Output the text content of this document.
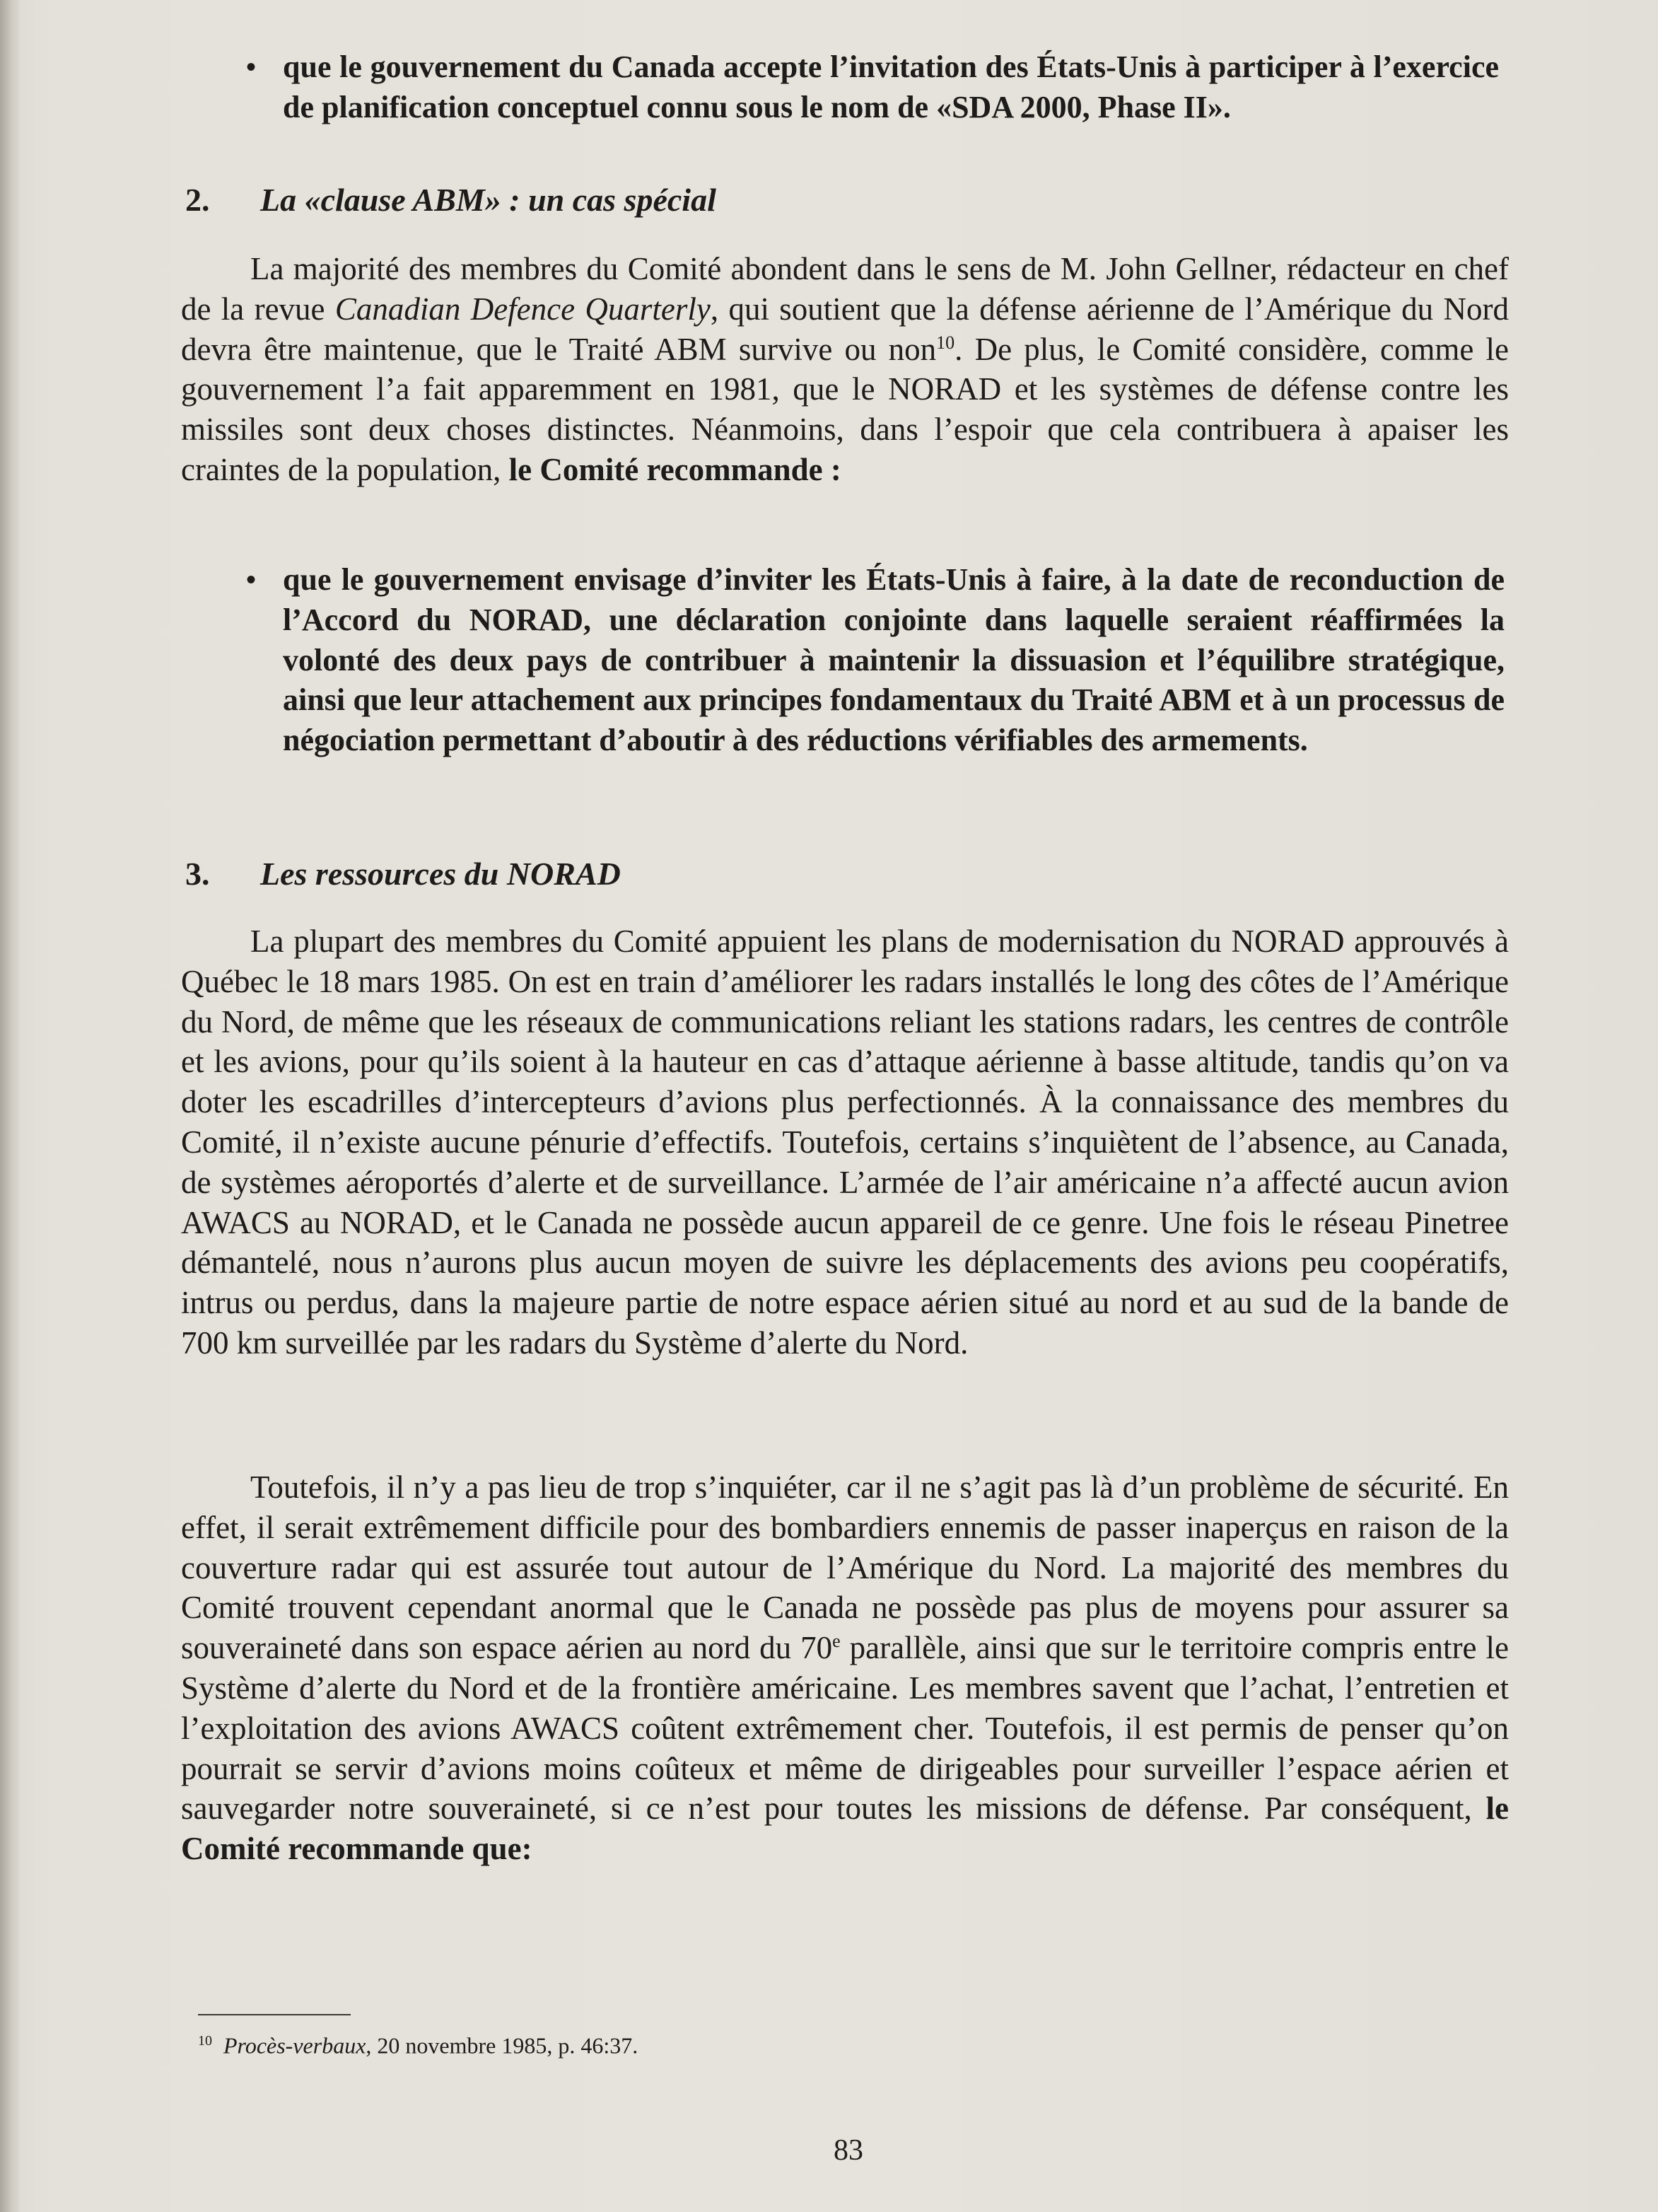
• que le gouvernement du Canada accepte l’invitation des États-Unis à participer à l’exercice de planification conceptuel connu sous le nom de «SDA 2000, Phase II».
2. La «clause ABM» : un cas spécial

La majorité des membres du Comité abondent dans le sens de M. John Gellner, rédacteur en chef de la revue Canadian Defence Quarterly, qui soutient que la défense aérienne de l’Amérique du Nord devra être maintenue, que le Traité ABM survive ou non$^{10}$. De plus, le Comité considère, comme le gouvernement l’a fait apparemment en 1981, que le NORAD et les systèmes de défense contre les missiles sont deux choses distinctes. Néanmoins, dans l’espoir que cela contribuera à apaiser les craintes de la population, le Comité recommande :

• que le gouvernement envisage d’inviter les États-Unis à faire, à la date de reconduction de l’Accord du NORAD, une déclaration conjointe dans laquelle seraient réaffirmées la volonté des deux pays de contribuer à maintenir la dissuasion et l’équilibre stratégique, ainsi que leur attachement aux principes fondamentaux du Traité ABM et à un processus de négociation permettant d’aboutir à des réductions vérifiables des armements.
3. Les ressources du NORAD

La plupart des membres du Comité appuient les plans de modernisation du NORAD approuvés à Québec le 18 mars 1985. On est en train d’améliorer les radars installés le long des côtes de l’Amérique du Nord, de même que les réseaux de communications reliant les stations radars, les centres de contrôle et les avions, pour qu’ils soient à la hauteur en cas d’attaque aérienne à basse altitude, tandis qu’on va doter les escadrilles d’intercepteurs d’avions plus perfectionnés. À la connaissance des membres du Comité, il n’existe aucune pénurie d’effectifs. Toutefois, certains s’inquiètent de l’absence, au Canada, de systèmes aéroportés d’alerte et de surveillance. L’armée de l’air américaine n’a affecté aucun avion AWACS au NORAD, et le Canada ne possède aucun appareil de ce genre. Une fois le réseau Pinetree démantelé, nous n’aurons plus aucun moyen de suivre les déplacements des avions peu coopératifs, intrus ou perdus, dans la majeure partie de notre espace aérien situé au nord et au sud de la bande de 700 km surveillée par les radars du Système d’alerte du Nord.

Toutefois, il n’y a pas lieu de trop s’inquiéter, car il ne s’agit pas là d’un problème de sécurité. En effet, il serait extrêmement difficile pour des bombardiers ennemis de passer inaperçus en raison de la couverture radar qui est assurée tout autour de l’Amérique du Nord. La majorité des membres du Comité trouvent cependant anormal que le Canada ne possède pas plus de moyens pour assurer sa souveraineté dans son espace aérien au nord du 70e parallèle, ainsi que sur le territoire compris entre le Système d’alerte du Nord et de la frontière américaine. Les membres savent que l’achat, l’entretien et l’exploitation des avions AWACS coûtent extrêmement cher. Toutefois, il est permis de penser qu’on pourrait se servir d’avions moins coûteux et même de dirigeables pour surveiller l’espace aérien et sauvegarder notre souveraineté, si ce n’est pour toutes les missions de défense. Par conséquent, le Comité recommande que:

$^{10}$ Procès-verbaux, 20 novembre 1985, p. 46:37.
83
